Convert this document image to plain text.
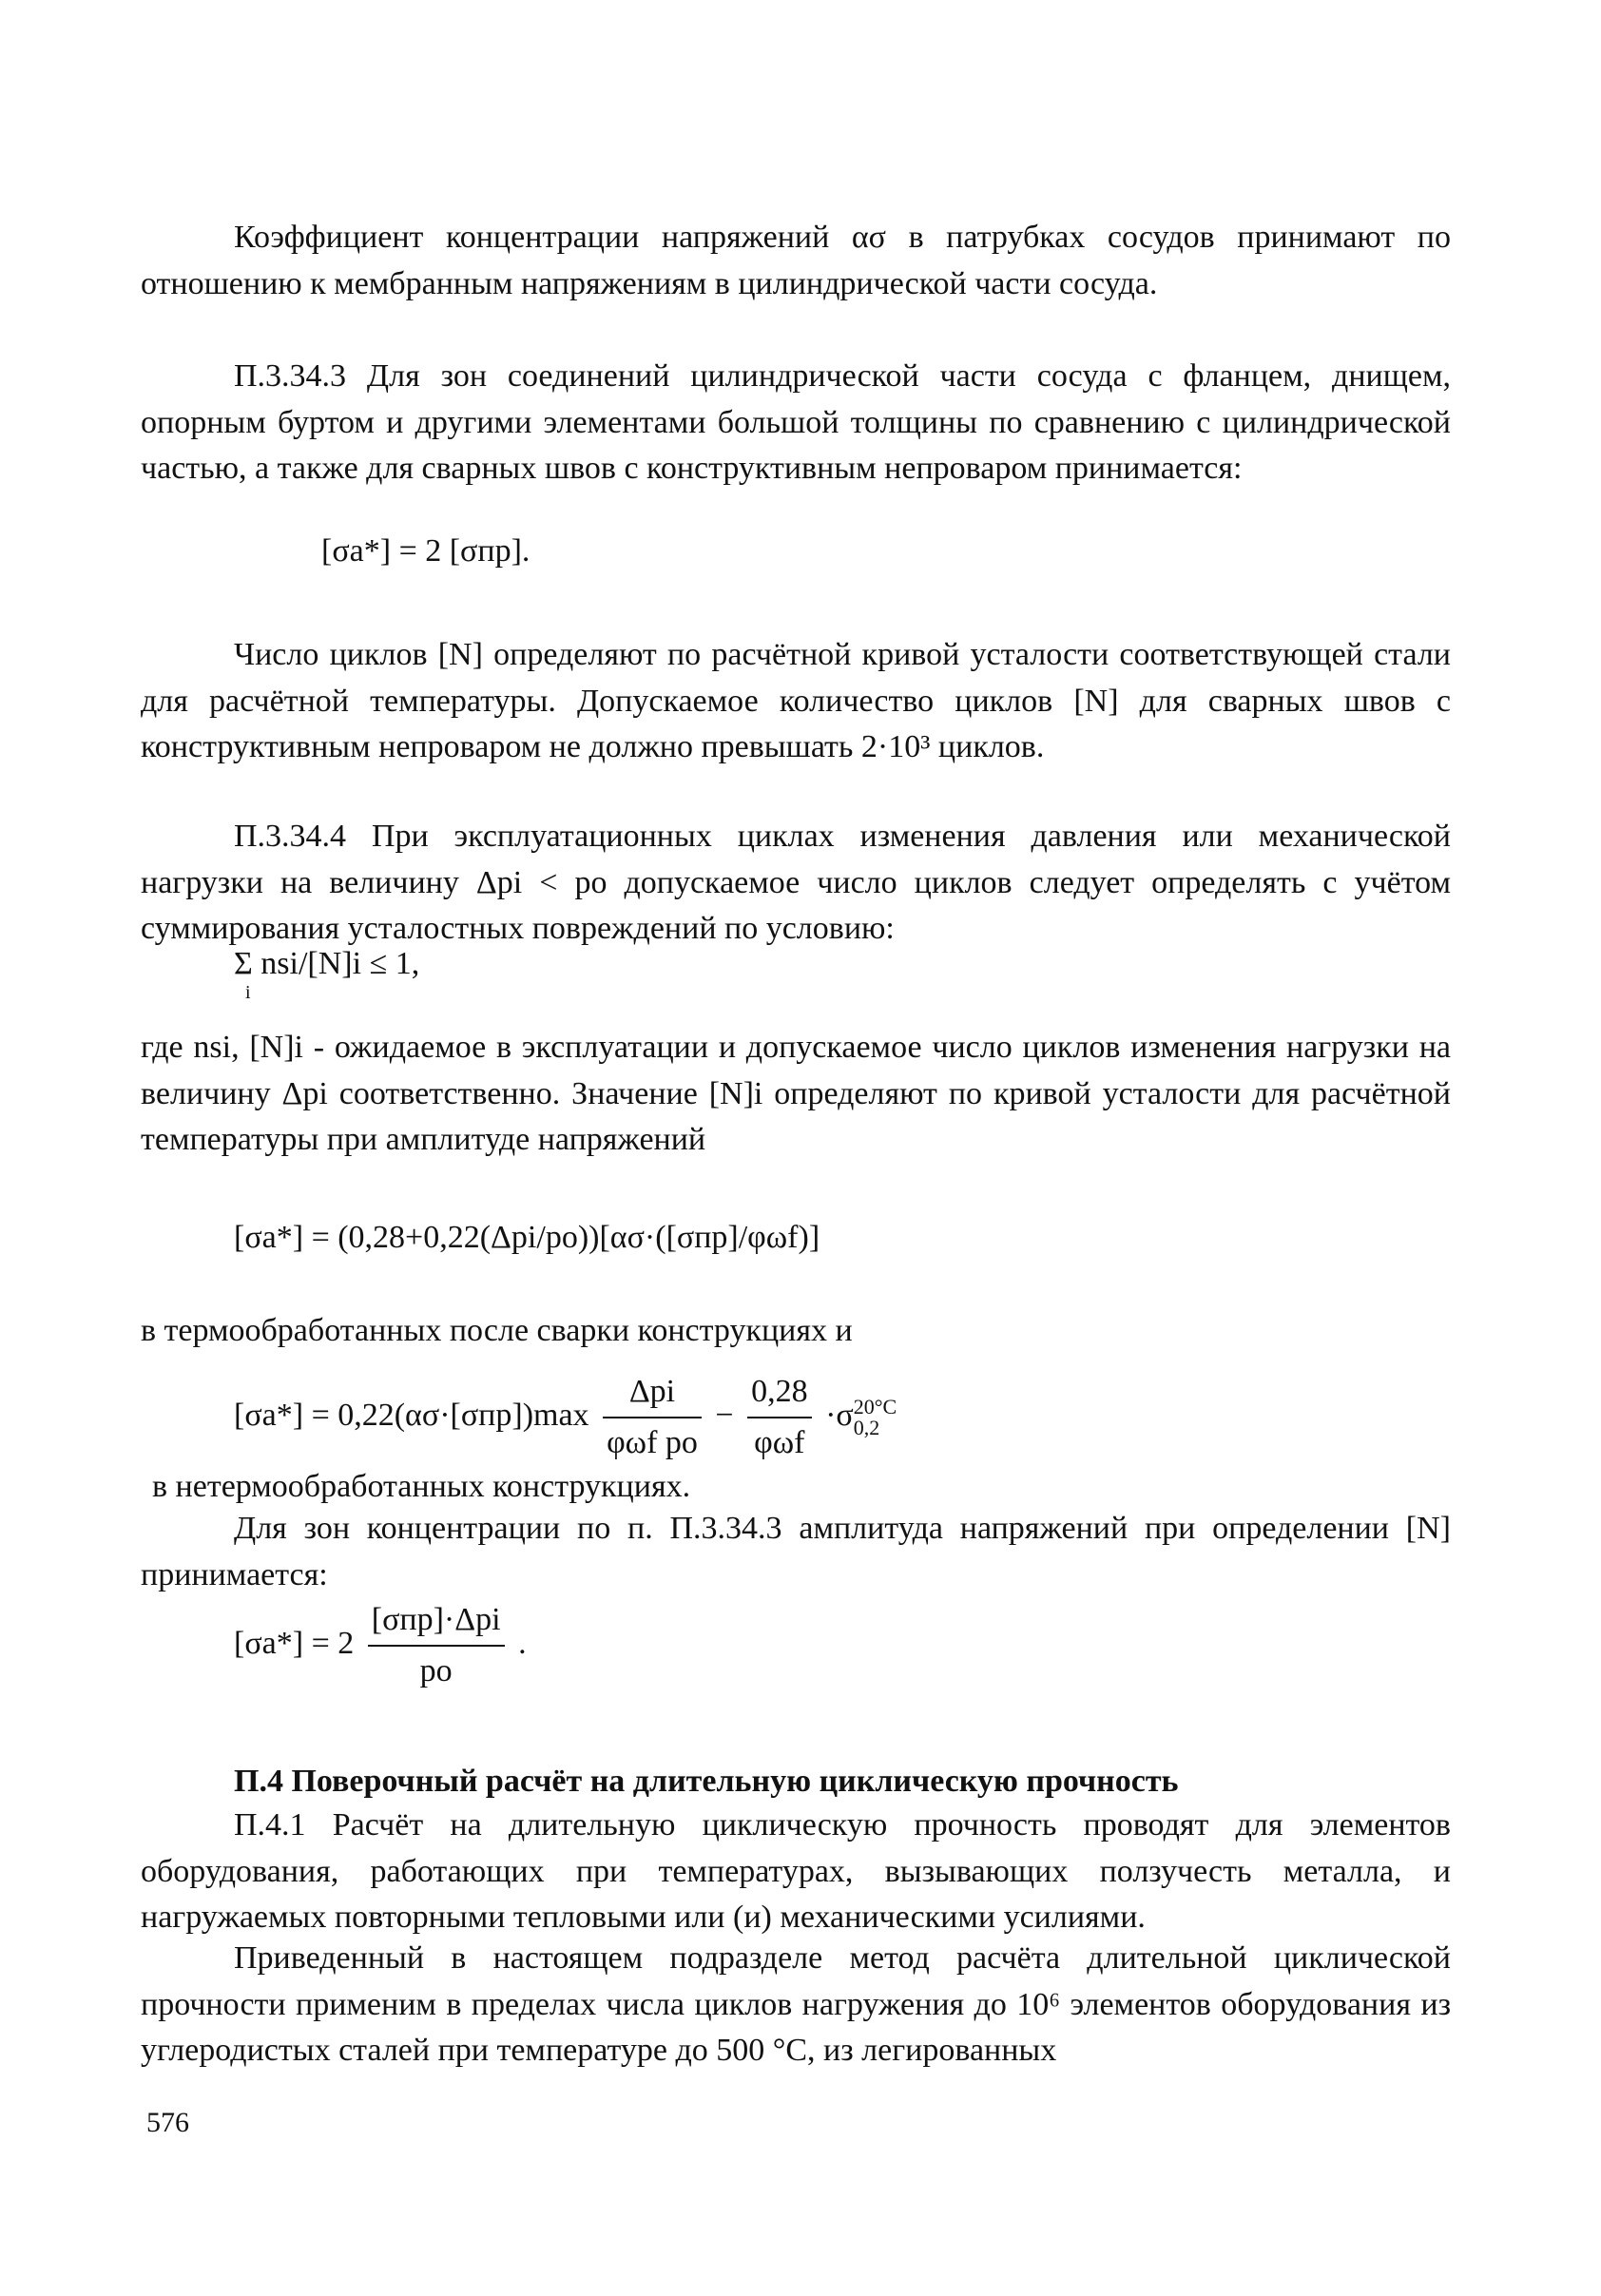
Коэффициент концентрации напряжений ασ в патрубках сосудов принимают по отношению к мембранным напряжениям в цилиндрической части сосуда.
П.3.34.3 Для зон соединений цилиндрической части сосуда с фланцем, днищем, опорным буртом и другими элементами большой толщины по сравнению с цилиндрической частью, а также для сварных швов с конструктивным непроваром принимается:
[σa*] = 2 [σпр].
Число циклов [N] определяют по расчётной кривой усталости соответствующей стали для расчётной температуры. Допускаемое количество циклов [N] для сварных швов с конструктивным непроваром не должно превышать 2·10³ циклов.
П.3.34.4 При эксплуатационных циклах изменения давления или механической нагрузки на величину Δpi < pо допускаемое число циклов следует определять с учётом суммирования усталостных повреждений по условию:
Σ nsi/[N]i ≤ 1,
i
где nsi, [N]i - ожидаемое в эксплуатации и допускаемое число циклов изменения нагрузки на величину Δpi соответственно. Значение [N]i определяют по кривой усталости для расчётной температуры при амплитуде напряжений
[σa*] = (0,28+0,22(Δpi/pо))[ασ·([σпр]/φωf)]
в термообработанных после сварки конструкциях и
$[\sigma a*] = 0,22(\alpha\sigma\cdot[\sigma пр])\max \frac{\text{Δpi}}{\text{φωf pо}} - \frac{0,28}{\text{φωf}} \cdot\sigma$ 20°C
0,2
в нетермообработанных конструкциях.
Для зон концентрации по п. П.3.34.3 амплитуда напряжений при определении [N] принимается:
$[\sigma a*] = 2 \frac{\text{[σпр]·Δpi}}{pо}$ .
П.4 Поверочный расчёт на длительную циклическую прочность
П.4.1 Расчёт на длительную циклическую прочность проводят для элементов оборудования, работающих при температурах, вызывающих ползучесть металла, и нагружаемых повторными тепловыми или (и) механическими усилиями.
Приведенный в настоящем подразделе метод расчёта длительной циклической прочности применим в пределах числа циклов нагружения до 10⁶ элементов оборудования из углеродистых сталей при температуре до 500 °С, из легированных
576
